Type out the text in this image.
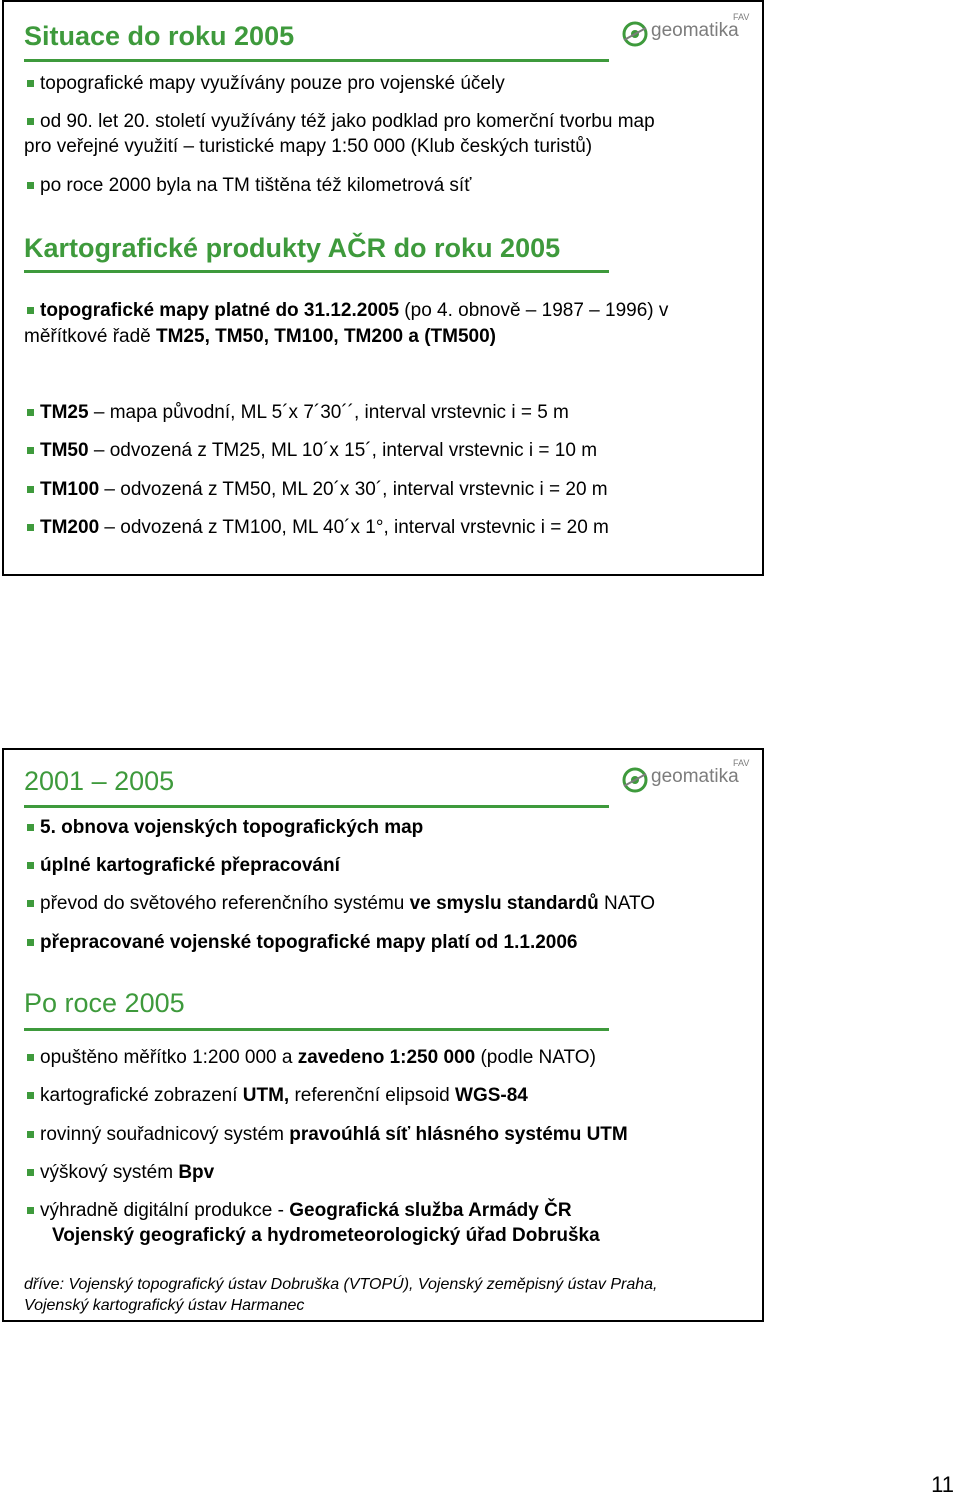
Situace do roku 2005	geomatika
FAV
topografické mapy využívány pouze pro vojenské účely
od 90. let 20. století využívány též jako podklad pro komerční tvorbu map
pro veřejné využití – turistické mapy 1:50 000 (Klub českých turistů)
po roce 2000 byla na TM tištěna též kilometrová síť
Kartografické produkty AČR do roku 2005
topografické mapy platné do 31.12.2005 (po 4. obnově – 1987 – 1996) v
měřítkové řadě TM25, TM50, TM100, TM200 a (TM500)
TM25 – mapa původní, ML 5´x 7´30´´, interval vrstevnic i = 5 m
TM50 – odvozená z TM25, ML 10´x 15´, interval vrstevnic i = 10 m
TM100 – odvozená z TM50, ML 20´x 30´, interval vrstevnic i = 20 m
TM200 – odvozená z TM100, ML 40´x 1°, interval vrstevnic i = 20 m
2001 – 2005	geomatika
FAV
5. obnova vojenských topografických map
úplné kartografické přepracování
převod do světového referenčního systému ve smyslu standardů NATO
přepracované vojenské topografické mapy platí od 1.1.2006
Po roce 2005
opuštěno měřítko 1:200 000 a zavedeno 1:250 000 (podle NATO)
kartografické zobrazení UTM, referenční elipsoid WGS-84
rovinný souřadnicový systém pravoúhlá síť hlásného systému UTM
výškový systém Bpv
výhradně digitální produkce - Geografická služba Armády ČR
Vojenský geografický a hydrometeorologický úřad Dobruška
dříve: Vojenský topografický ústav Dobruška (VTOPÚ), Vojenský zeměpisný ústav Praha,
Vojenský kartografický ústav Harmanec
11
